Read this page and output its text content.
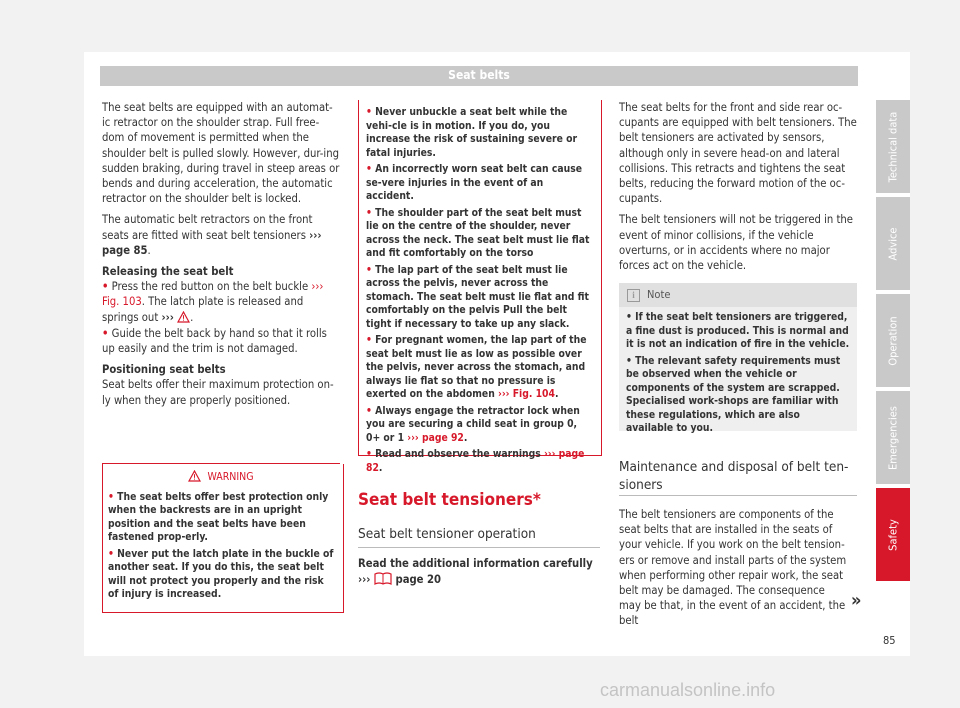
Seat belts

The seat belts are equipped with an automat-ic retractor on the shoulder strap. Full free-dom of movement is permitted when the shoulder belt is pulled slowly. However, dur-ing sudden braking, during travel in steep areas or bends and during acceleration, the automatic retractor on the shoulder belt is locked.

The automatic belt retractors on the front seats are fitted with seat belt tensioners ››› page 85.

Releasing the seat belt

• Press the red button on the belt buckle ››› Fig. 103. The latch plate is released and springs out ››› .
• Guide the belt back by hand so that it rolls up easily and the trim is not damaged.

Positioning seat belts

Seat belts offer their maximum protection on-ly when they are properly positioned.

WARNING
• The seat belts offer best protection only when the backrests are in an upright position and the seat belts have been fastened prop-erly.
• Never put the latch plate in the buckle of another seat. If you do this, the seat belt will not protect you properly and the risk of injury is increased.
• Never unbuckle a seat belt while the vehi-cle is in motion. If you do, you increase the risk of sustaining severe or fatal injuries.
• An incorrectly worn seat belt can cause se-vere injuries in the event of an accident.
• The shoulder part of the seat belt must lie on the centre of the shoulder, never across the neck. The seat belt must lie flat and fit comfortably on the torso
• The lap part of the seat belt must lie across the pelvis, never across the stomach. The seat belt must lie flat and fit comfortably on the pelvis Pull the belt tight if necessary to take up any slack.
• For pregnant women, the lap part of the seat belt must lie as low as possible over the pelvis, never across the stomach, and always lie flat so that no pressure is exerted on the abdomen ››› Fig. 104.
• Always engage the retractor lock when you are securing a child seat in group 0, 0+ or 1 ››› page 92.
• Read and observe the warnings ››› page 82.
Seat belt tensioners*
Seat belt tensioner operation
Read the additional information carefully
››› page 20

The seat belts for the front and side rear oc-cupants are equipped with belt tensioners. The belt tensioners are activated by sensors, although only in severe head-on and lateral collisions. This retracts and tightens the seat belts, reducing the forward motion of the oc-cupants.

The belt tensioners will not be triggered in the event of minor collisions, if the vehicle overturns, or in accidents where no major forces act on the vehicle.

i	Note
• If the seat belt tensioners are triggered, a fine dust is produced. This is normal and it is not an indication of fire in the vehicle.
• The relevant safety requirements must be observed when the vehicle or components of the system are scrapped. Specialised work-shops are familiar with these regulations, which are also available to you.
Maintenance and disposal of belt ten-sioners
The belt tensioners are components of the seat belts that are installed in the seats of your vehicle. If you work on the belt tension-ers or remove and install parts of the system when performing other repair work, the seat belt may be damaged. The consequence may be that, in the event of an accident, the belt
»
Technical data
Advice
Operation
Emergencies
Safety
85
carmanualsonline.info
